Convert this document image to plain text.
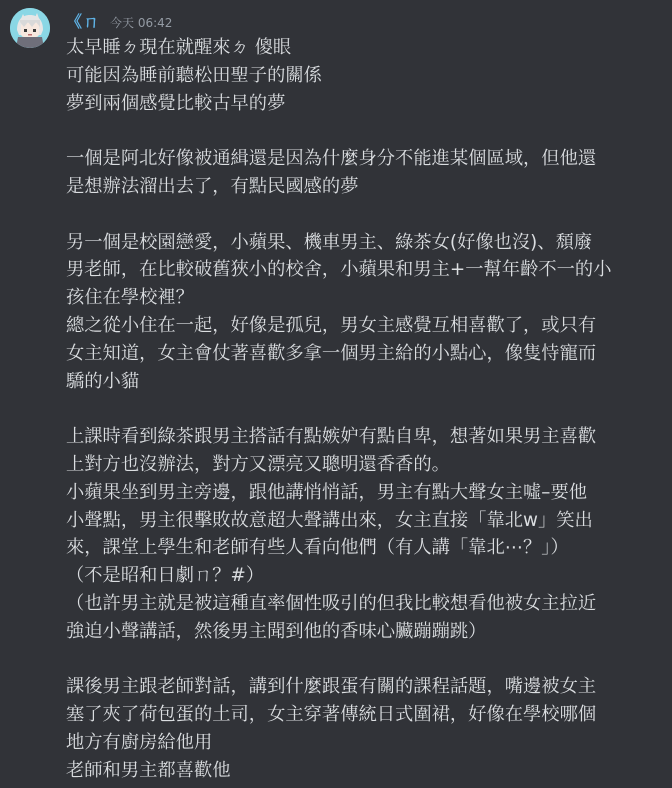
《ㄇ 今天 06:42
太早睡ㄉ現在就醒來ㄉ 傻眼
可能因為睡前聽松田聖子的關係
夢到兩個感覺比較古早的夢
一個是阿北好像被通緝還是因為什麼身分不能進某個區域，但他還
是想辦法溜出去了，有點民國感的夢
另一個是校園戀愛，小蘋果、機車男主、綠茶女(好像也沒)、頹廢
男老師，在比較破舊狹小的校舍，小蘋果和男主+一幫年齡不一的小
孩住在學校裡？
總之從小住在一起，好像是孤兒，男女主感覺互相喜歡了，或只有
女主知道，女主會仗著喜歡多拿一個男主給的小點心，像隻恃寵而
驕的小貓
上課時看到綠茶跟男主搭話有點嫉妒有點自卑，想著如果男主喜歡
上對方也沒辦法，對方又漂亮又聰明還香香的。
小蘋果坐到男主旁邊，跟他講悄悄話，男主有點大聲女主噓–要他
小聲點，男主很擊敗故意超大聲講出來，女主直接「靠北w」笑出
來，課堂上學生和老師有些人看向他們（有人講「靠北⋯？」）
（不是昭和日劇ㄇ？#）
（也許男主就是被這種直率個性吸引的但我比較想看他被女主拉近
強迫小聲講話，然後男主聞到他的香味心臟蹦蹦跳）
課後男主跟老師對話，講到什麼跟蛋有關的課程話題，嘴邊被女主
塞了夾了荷包蛋的土司，女主穿著傳統日式圍裙，好像在學校哪個
地方有廚房給他用
老師和男主都喜歡他
